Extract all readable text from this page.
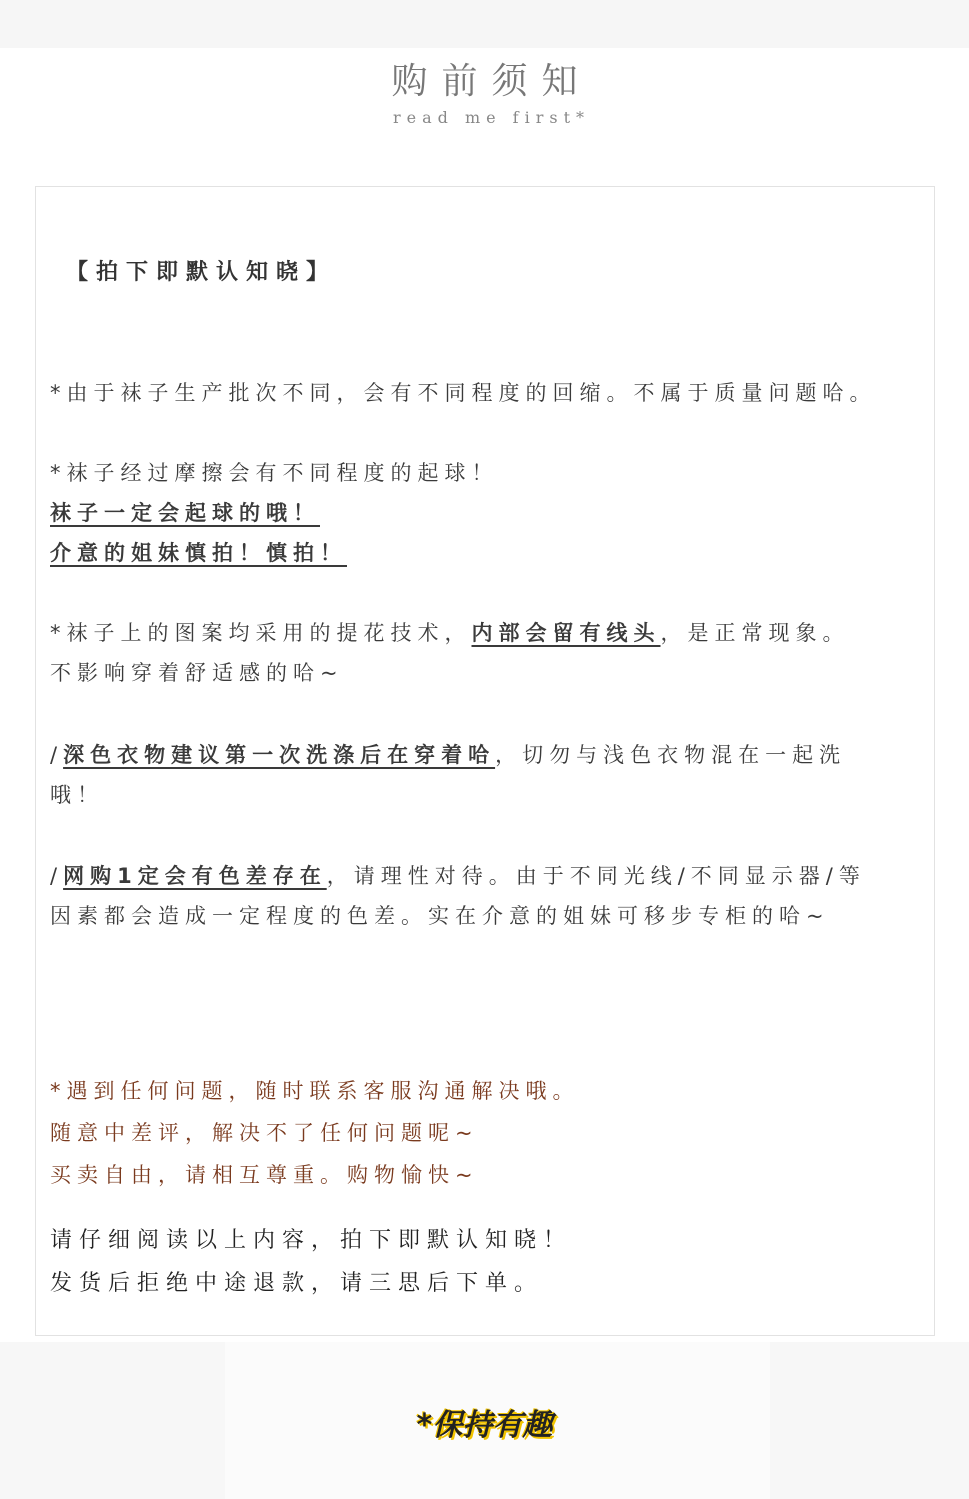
购前须知
read me first*
【拍下即默认知晓】
*由于袜子生产批次不同，会有不同程度的回缩。不属于质量问题哈。
*袜子经过摩擦会有不同程度的起球！
袜子一定会起球的哦！
介意的姐妹慎拍！慎拍！
*袜子上的图案均采用的提花技术，内部会留有线头，是正常现象。
不影响穿着舒适感的哈~
/深色衣物建议第一次洗涤后在穿着哈，切勿与浅色衣物混在一起洗
哦！
/网购1定会有色差存在，请理性对待。由于不同光线/不同显示器/等
因素都会造成一定程度的色差。实在介意的姐妹可移步专柜的哈~
*遇到任何问题，随时联系客服沟通解决哦。
随意中差评，解决不了任何问题呢~
买卖自由，请相互尊重。购物愉快~
请仔细阅读以上内容，拍下即默认知晓！
发货后拒绝中途退款，请三思后下单。
*保持有趣
